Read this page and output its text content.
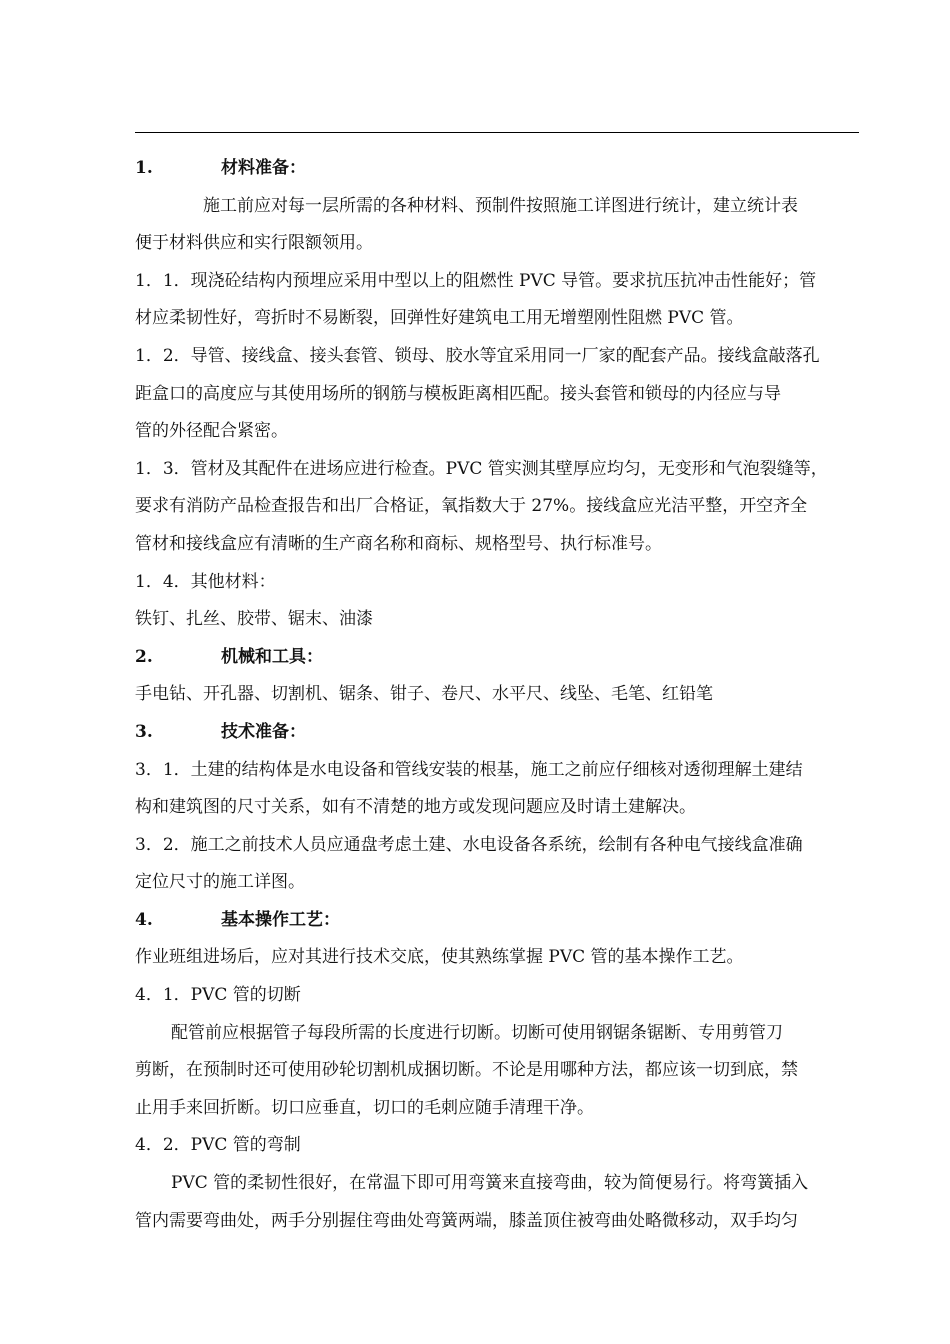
1.	材料准备：
施工前应对每一层所需的各种材料、预制件按照施工详图进行统计，建立统计表
便于材料供应和实行限额领用。
1．1．现浇砼结构内预埋应采用中型以上的阻燃性 PVC 导管。要求抗压抗冲击性能好；管
材应柔韧性好，弯折时不易断裂，回弹性好建筑电工用无增塑刚性阻燃 PVC 管。
1．2．导管、接线盒、接头套管、锁母、胶水等宜采用同一厂家的配套产品。接线盒敲落孔
距盒口的高度应与其使用场所的钢筋与模板距离相匹配。接头套管和锁母的内径应与导
管的外径配合紧密。
1．3．管材及其配件在进场应进行检查。PVC 管实测其壁厚应均匀，无变形和气泡裂缝等，
要求有消防产品检查报告和出厂合格证，氧指数大于 27%。接线盒应光洁平整，开空齐全
管材和接线盒应有清晰的生产商名称和商标、规格型号、执行标准号。
1．4．其他材料：
铁钉、扎丝、胶带、锯末、油漆
2.	机械和工具：
手电钻、开孔器、切割机、锯条、钳子、卷尺、水平尺、线坠、毛笔、红铅笔
3.	技术准备：
3．1．土建的结构体是水电设备和管线安装的根基，施工之前应仔细核对透彻理解土建结
构和建筑图的尺寸关系，如有不清楚的地方或发现问题应及时请土建解决。
3．2．施工之前技术人员应通盘考虑土建、水电设备各系统，绘制有各种电气接线盒准确
定位尺寸的施工详图。
4.	基本操作工艺：
作业班组进场后，应对其进行技术交底，使其熟练掌握 PVC 管的基本操作工艺。
4．1．PVC 管的切断
配管前应根据管子每段所需的长度进行切断。切断可使用钢锯条锯断、专用剪管刀
剪断，在预制时还可使用砂轮切割机成捆切断。不论是用哪种方法，都应该一切到底，禁
止用手来回折断。切口应垂直，切口的毛刺应随手清理干净。
4．2．PVC 管的弯制
PVC 管的柔韧性很好，在常温下即可用弯簧来直接弯曲，较为简便易行。将弯簧插入
管内需要弯曲处，两手分别握住弯曲处弯簧两端，膝盖顶住被弯曲处略微移动，双手均匀
